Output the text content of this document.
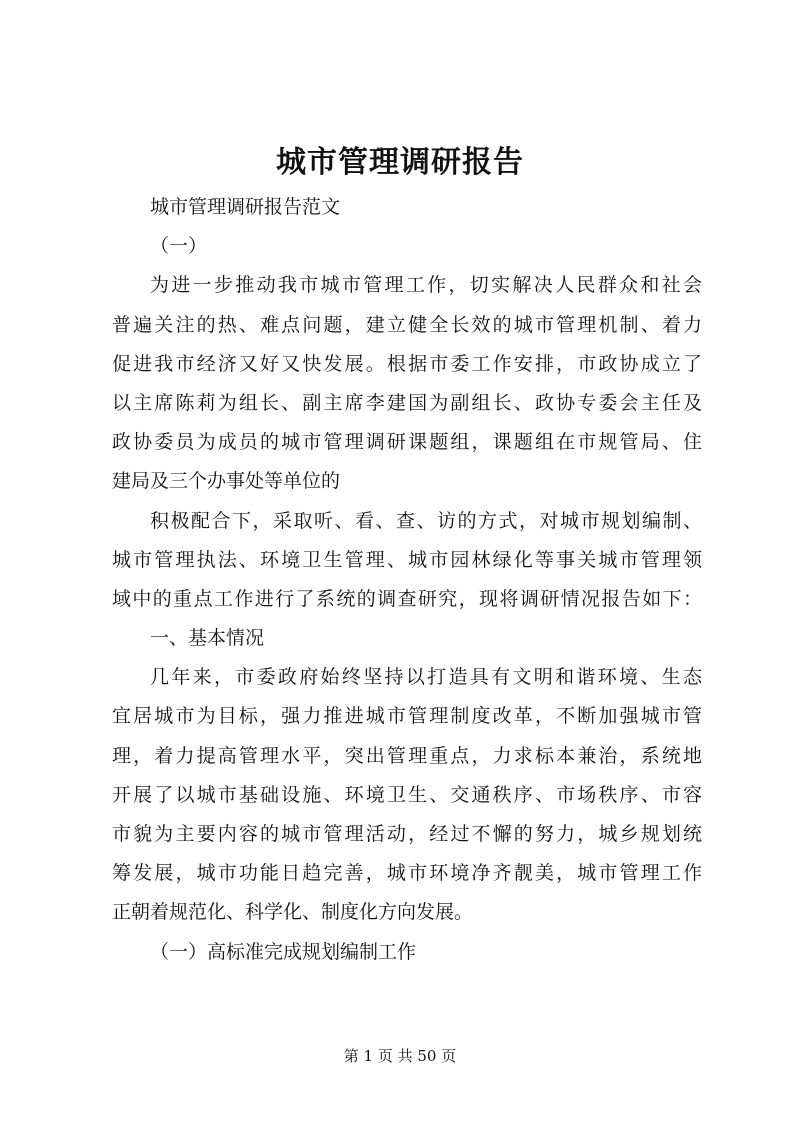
城市管理调研报告
城市管理调研报告范文
（一）
为进一步推动我市城市管理工作，切实解决人民群众和社会
普遍关注的热、难点问题，建立健全长效的城市管理机制、着力
促进我市经济又好又快发展。根据市委工作安排，市政协成立了
以主席陈莉为组长、副主席李建国为副组长、政协专委会主任及
政协委员为成员的城市管理调研课题组，课题组在市规管局、住
建局及三个办事处等单位的
积极配合下，采取听、看、查、访的方式，对城市规划编制、
城市管理执法、环境卫生管理、城市园林绿化等事关城市管理领
域中的重点工作进行了系统的调查研究，现将调研情况报告如下：
一、基本情况
几年来，市委政府始终坚持以打造具有文明和谐环境、生态
宜居城市为目标，强力推进城市管理制度改革，不断加强城市管
理，着力提高管理水平，突出管理重点，力求标本兼治，系统地
开展了以城市基础设施、环境卫生、交通秩序、市场秩序、市容
市貌为主要内容的城市管理活动，经过不懈的努力，城乡规划统
筹发展，城市功能日趋完善，城市环境净齐靓美，城市管理工作
正朝着规范化、科学化、制度化方向发展。
（一）高标准完成规划编制工作
第 1 页 共 50 页
